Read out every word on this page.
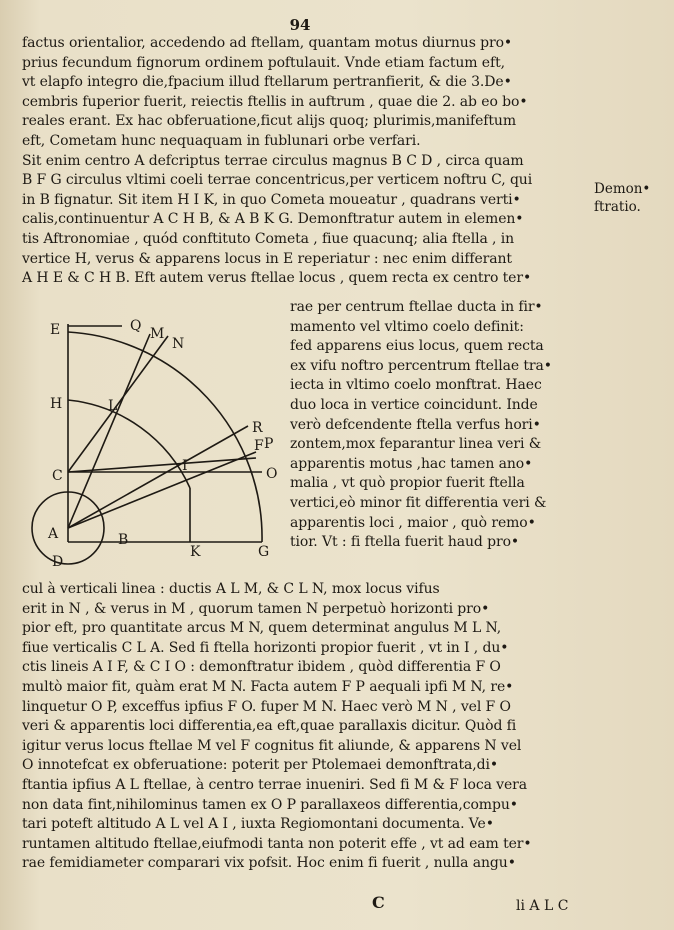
94
factus orientalior, accedendo ad ftellam, quantam motus diurnus pro•
prius fecundum fignorum ordinem poftulauit. Vnde etiam factum eft,
vt elapfo integro die,fpacium illud ftellarum pertranfierit, & die 3.De•
cembris fuperior fuerit, reiectis ftellis in auftrum , quae die 2. ab eo bo•
reales erant. Ex hac obferuatione,ficut alijs quoq; plurimis,manifeftum
eft, Cometam hunc nequaquam in fublunari orbe verfari.
Sit enim centro A defcriptus terrae circulus magnus B C D , circa quam
B F G circulus vltimi coeli terrae concentricus,per verticem noftru C, qui
in B fignatur. Sit item H I K, in quo Cometa moueatur , quadrans verti•
calis,continuentur A C H B, & A B K G. Demonftratur autem in elemen•
tis Aftronomiae , quód conftituto Cometa , fiue quacunq; alia ftella , in
vertice H, verus & apparens locus in E reperiatur : nec enim differant
A H E & C H B. Eft autem verus ftellae locus , quem recta ex centro ter•
rae per centrum ftellae ducta in fir•
mamento vel vltimo coelo definit:
fed apparens eius locus, quem recta
ex vifu noftro percentrum ftellae tra•
iecta in vltimo coelo monftrat. Haec
duo loca in vertice coincidunt. Inde
verò defcendente ftella verfus hori•
zontem,mox feparantur linea veri &
apparentis motus ,hac tamen ano•
malia , vt quò propior fuerit ftella
vertici,eò minor fit differentia veri &
apparentis loci , maior , quò remo•
tior. Vt : fi ftella fuerit haud pro•
cul à verticali linea : ductis A L M, & C L N, mox locus vifus
erit in N , & verus in M , quorum tamen N perpetuò horizonti pro•
pior eft, pro quantitate arcus M N, quem determinat angulus M L N,
fiue verticalis C L A. Sed fi ftella horizonti propior fuerit , vt in I , du•
ctis lineis A I F, & C I O : demonftratur ibidem , quòd differentia F O
multò maior fit, quàm erat M N. Facta autem F P aequali ipfi M N, re•
linquetur O P, exceffus ipfius F O. fuper M N. Haec verò M N , vel F O
veri & apparentis loci differentia,ea eft,quae parallaxis dicitur. Quòd fi
igitur verus locus ftellae M vel F cognitus fit aliunde, & apparens N vel
O innotefcat ex obferuatione: poterit per Ptolemaei demonftrata,di•
ftantia ipfius A L ftellae, à centro terrae inueniri. Sed fi M & F loca vera
non data fint,nihilominus tamen ex O P parallaxeos differentia,compu•
tari poteft altitudo A L vel A I , iuxta Regiomontani documenta. Ve•
runtamen altitudo ftellae,eiufmodi tanta non poterit effe , vt ad eam ter•
rae femidiameter comparari vix pofsit. Hoc enim fi fuerit , nulla angu•
Demon•
ftratio.
E	Q M
N
H	L
R
F P
C
I	O
A	B
K	G
D
C	li A L C
